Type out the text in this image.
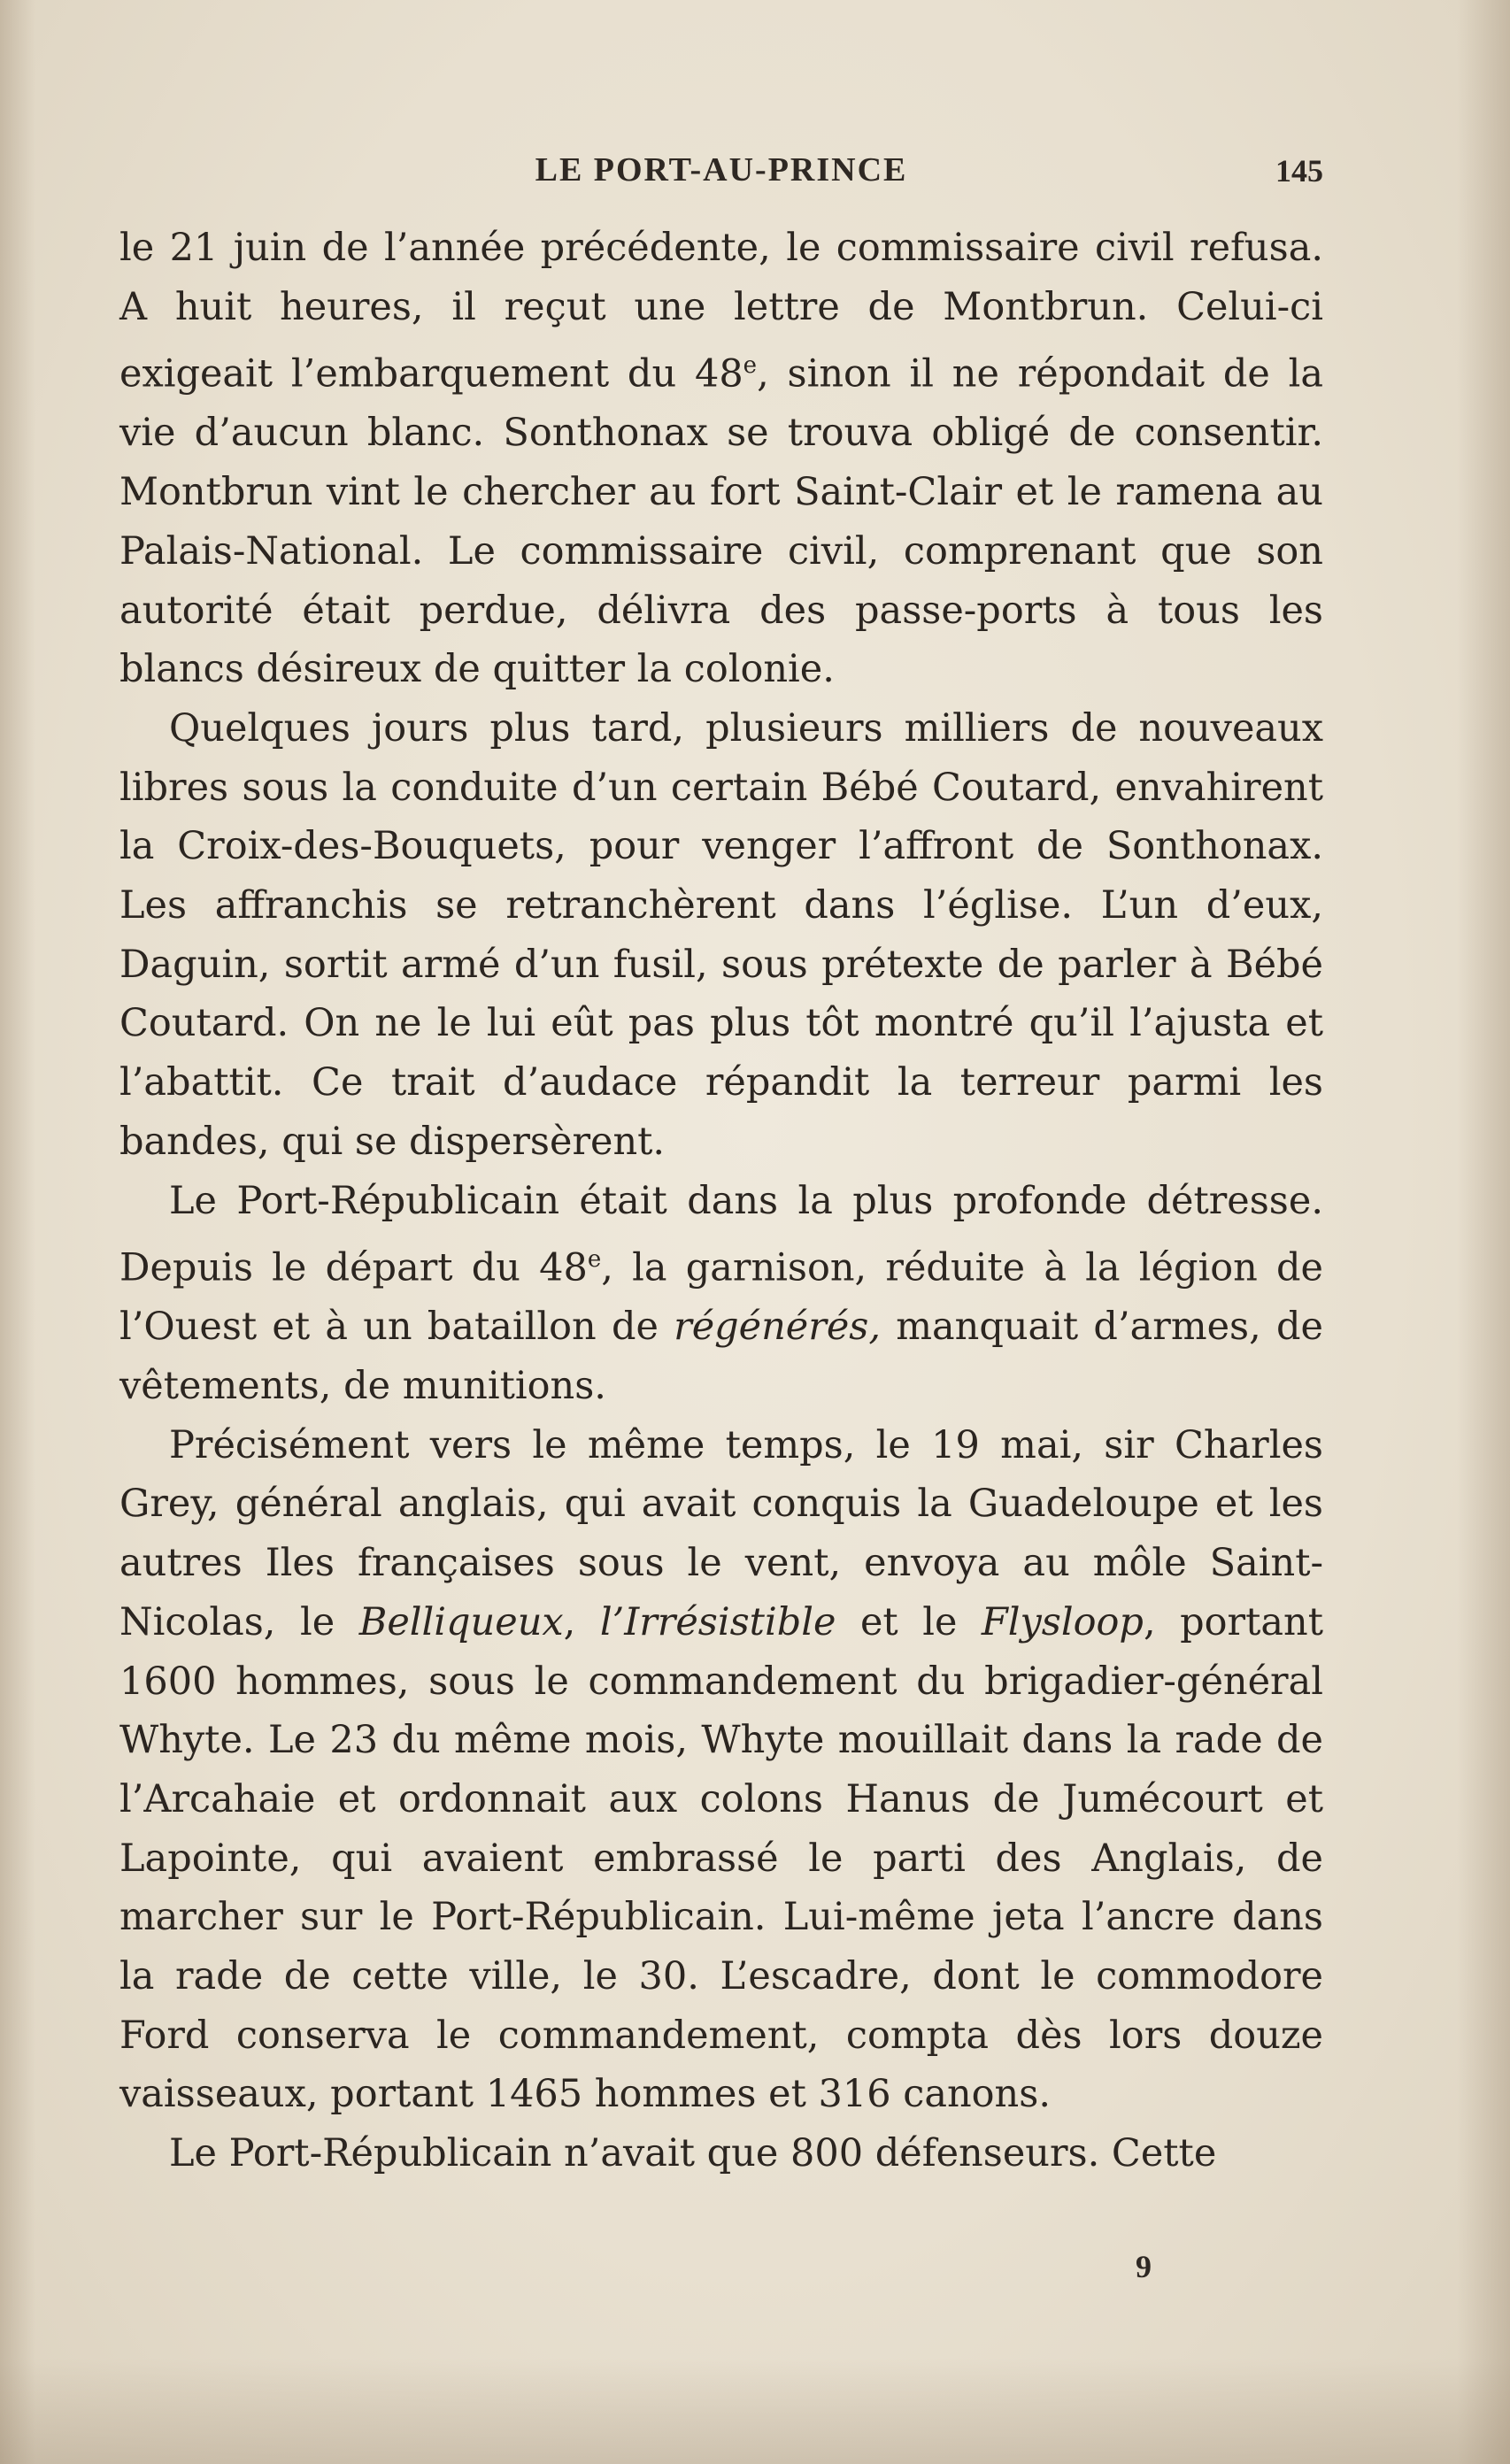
LE PORT-AU-PRINCE	145

le 21 juin de l’année précédente, le commissaire civil refusa. A huit heures, il reçut une lettre de Montbrun. Celui-ci exigeait l’embarquement du 48e, sinon il ne répondait de la vie d’aucun blanc. Sonthonax se trouva obligé de consentir. Montbrun vint le chercher au fort Saint-Clair et le ramena au Palais-National. Le commissaire civil, comprenant que son autorité était perdue, délivra des passe-ports à tous les blancs désireux de quitter la colonie.

Quelques jours plus tard, plusieurs milliers de nouveaux libres sous la conduite d’un certain Bébé Coutard, envahirent la Croix-des-Bouquets, pour venger l’affront de Sonthonax. Les affranchis se retranchèrent dans l’église. L’un d’eux, Daguin, sortit armé d’un fusil, sous prétexte de parler à Bébé Coutard. On ne le lui eût pas plus tôt montré qu’il l’ajusta et l’abattit. Ce trait d’audace répandit la terreur parmi les bandes, qui se dispersèrent.

Le Port-Républicain était dans la plus profonde détresse. Depuis le départ du 48e, la garnison, réduite à la légion de l’Ouest et à un bataillon de régénérés, manquait d’armes, de vêtements, de munitions.

Précisément vers le même temps, le 19 mai, sir Charles Grey, général anglais, qui avait conquis la Guadeloupe et les autres Iles françaises sous le vent, envoya au môle Saint-Nicolas, le Belliqueux, l’Irrésistible et le Flysloop, portant 1600 hommes, sous le commandement du brigadier-général Whyte. Le 23 du même mois, Whyte mouillait dans la rade de l’Arcahaie et ordonnait aux colons Hanus de Jumécourt et Lapointe, qui avaient embrassé le parti des Anglais, de marcher sur le Port-Républicain. Lui-même jeta l’ancre dans la rade de cette ville, le 30. L’escadre, dont le commodore Ford conserva le commandement, compta dès lors douze vaisseaux, portant 1465 hommes et 316 canons.

Le Port-Républicain n’avait que 800 défenseurs. Cette

9
